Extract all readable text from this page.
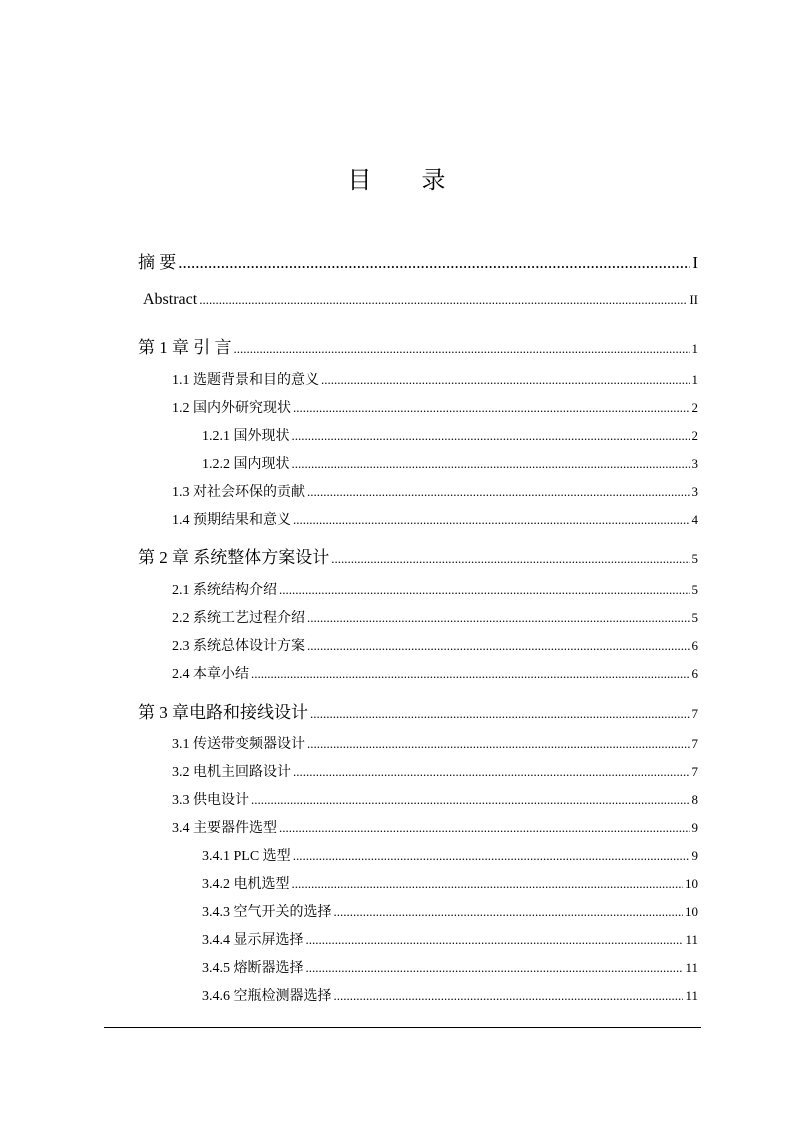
目 录
摘 要 .....	I
Abstract .....	II
第 1 章 引 言 .....	1
1.1 选题背景和目的意义 .....	1
1.2 国内外研究现状 .....	2
1.2.1 国外现状 .....	2
1.2.2 国内现状 .....	3
1.3 对社会环保的贡献 .....	3
1.4 预期结果和意义 .....	4
第 2 章 系统整体方案设计 .....	5
2.1 系统结构介绍 .....	5
2.2 系统工艺过程介绍 .....	5
2.3 系统总体设计方案 .....	6
2.4 本章小结 .....	6
第 3 章电路和接线设计 .....	7
3.1 传送带变频器设计 .....	7
3.2 电机主回路设计 .....	7
3.3 供电设计 .....	8
3.4 主要器件选型 .....	9
3.4.1 PLC 选型 .....	9
3.4.2 电机选型 .....	10
3.4.3 空气开关的选择 .....	10
3.4.4 显示屏选择 .....	11
3.4.5 熔断器选择 .....	11
3.4.6 空瓶检测器选择 .....	11
